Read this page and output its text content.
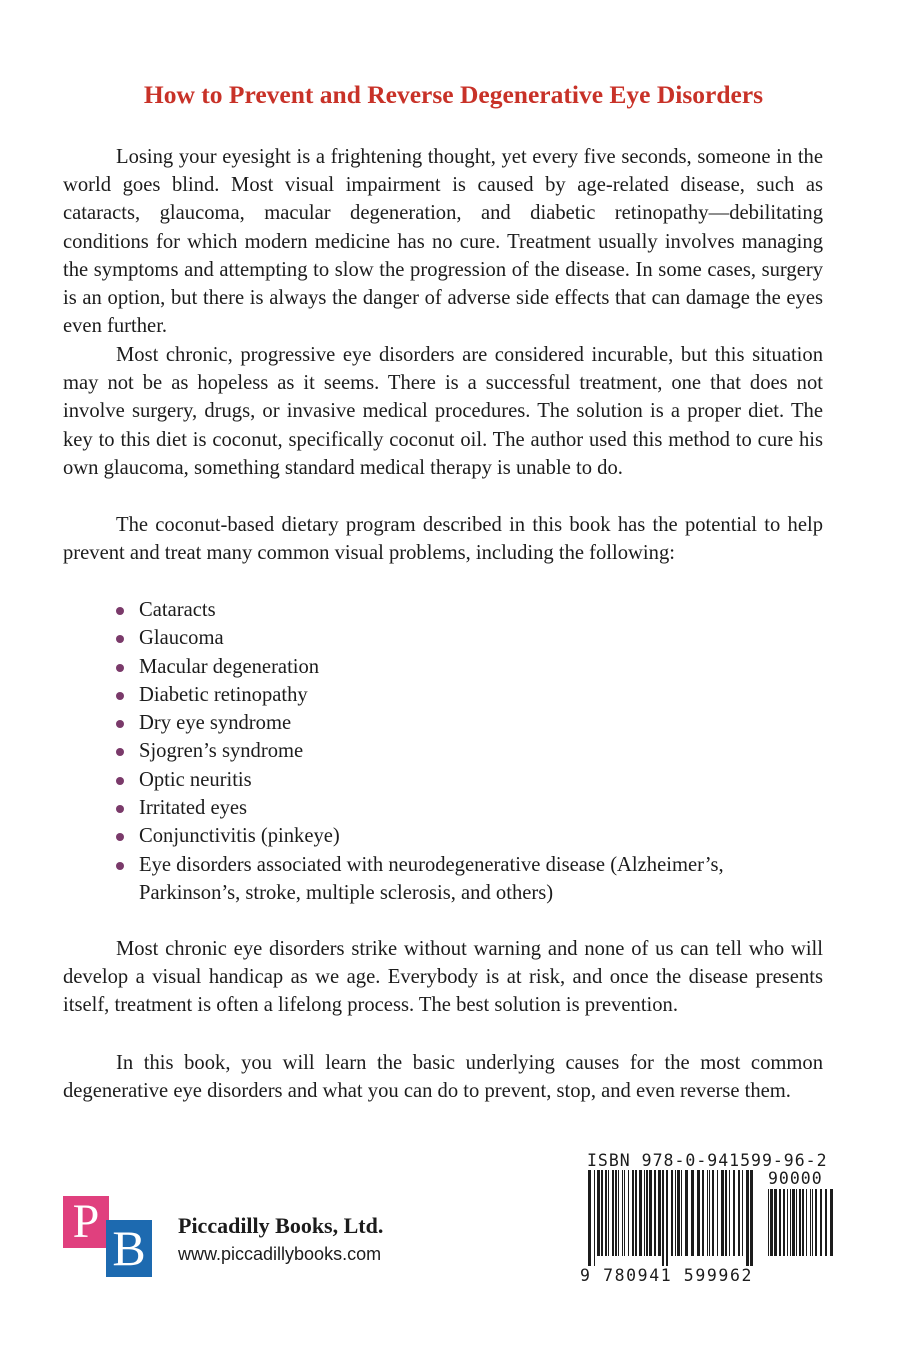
How to Prevent and Reverse Degenerative Eye Disorders

Losing your eyesight is a frightening thought, yet every five seconds, someone in the world goes blind. Most visual impairment is caused by age-related disease, such as cataracts, glaucoma, macular degeneration, and diabetic retinopathy—debilitating conditions for which modern medicine has no cure. Treatment usually involves managing the symptoms and attempting to slow the progression of the disease. In some cases, surgery is an option, but there is always the danger of adverse side effects that can damage the eyes even further.

Most chronic, progressive eye disorders are considered incurable, but this situation may not be as hopeless as it seems. There is a successful treatment, one that does not involve surgery, drugs, or invasive medical procedures. The solution is a proper diet. The key to this diet is coconut, specifically coconut oil. The author used this method to cure his own glaucoma, something standard medical therapy is unable to do.

The coconut-based dietary program described in this book has the potential to help prevent and treat many common visual problems, including the following:

Cataracts
Glaucoma
Macular degeneration
Diabetic retinopathy
Dry eye syndrome
Sjogren’s syndrome
Optic neuritis
Irritated eyes
Conjunctivitis (pinkeye)
Eye disorders associated with neurodegenerative disease (Alzheimer’s, Parkinson’s, stroke, multiple sclerosis, and others)

Most chronic eye disorders strike without warning and none of us can tell who will develop a visual handicap as we age. Everybody is at risk, and once the disease presents itself, treatment is often a lifelong process. The best solution is prevention.

In this book, you will learn the basic underlying causes for the most common degenerative eye disorders and what you can do to prevent, stop, and even reverse them.

P B Piccadilly Books, Ltd.

www.piccadillybooks.com

ISBN 978-0-941599-96-2
90000
9 780941 599962
